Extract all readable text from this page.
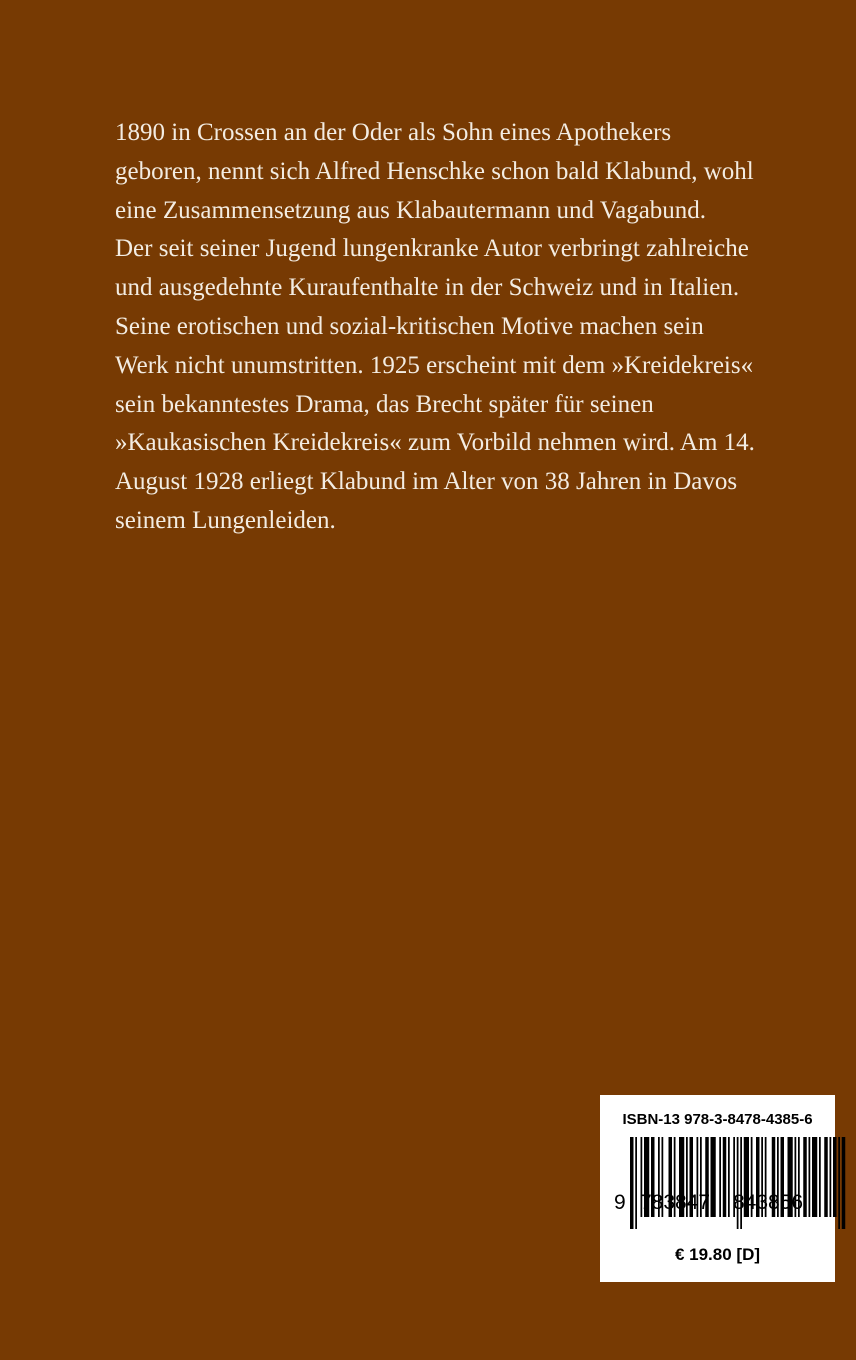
1890 in Crossen an der Oder als Sohn eines Apothekers
geboren, nennt sich Alfred Henschke schon bald Klabund, wohl
eine Zusammensetzung aus Klabautermann und Vagabund.
Der seit seiner Jugend lungenkranke Autor verbringt zahlreiche
und ausgedehnte Kuraufenthalte in der Schweiz und in Italien.
Seine erotischen und sozial-kritischen Motive machen sein
Werk nicht unumstritten. 1925 erscheint mit dem »Kreidekreis«
sein bekanntestes Drama, das Brecht später für seinen
»Kaukasischen Kreidekreis« zum Vorbild nehmen wird. Am 14.
August 1928 erliegt Klabund im Alter von 38 Jahren in Davos
seinem Lungenleiden.
ISBN-13 978-3-8478-4385-6
9 783847 843856
€ 19.80 [D]
